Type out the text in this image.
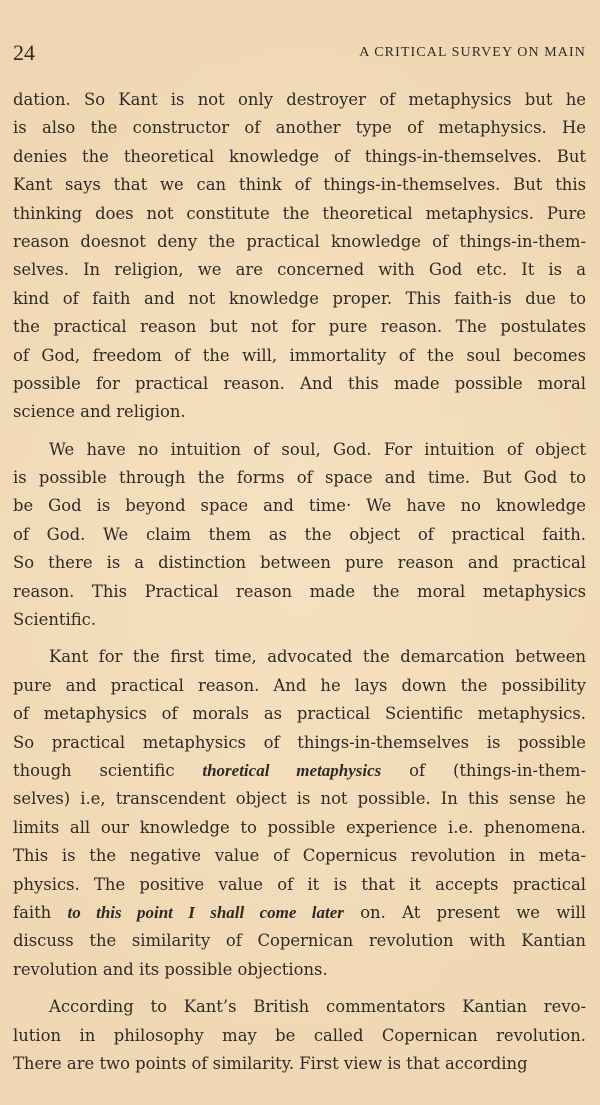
24	A CRITICAL SURVEY ON MAIN
dation. So Kant is not only destroyer of metaphysics but he
is also the constructor of another type of metaphysics. He
denies the theoretical knowledge of things-in-themselves. But
Kant says that we can think of things-in-themselves. But this
thinking does not constitute the theoretical metaphysics. Pure
reason doesnot deny the practical knowledge of things-in-them-
selves. In religion, we are concerned with God etc. It is a
kind of faith and not knowledge proper. This faith-is due to
the practical reason but not for pure reason. The postulates
of God, freedom of the will, immortality of the soul becomes
possible for practical reason. And this made possible moral
science and religion.
We have no intuition of soul, God. For intuition of object
is possible through the forms of space and time. But God to
be God is beyond space and time· We have no knowledge
of God. We claim them as the object of practical faith.
So there is a distinction between pure reason and practical
reason. This Practical reason made the moral metaphysics
Scientific.
Kant for the first time, advocated the demarcation between
pure and practical reason. And he lays down the possibility
of metaphysics of morals as practical Scientific metaphysics.
So practical metaphysics of things-in-themselves is possible
though scientific thoretical metaphysics of (things-in-them-
selves) i.e, transcendent object is not possible. In this sense he
limits all our knowledge to possible experience i.e. phenomena.
This is the negative value of Copernicus revolution in meta-
physics. The positive value of it is that it accepts practical
faith to this point I shall come later on. At present we will
discuss the similarity of Copernican revolution with Kantian
revolution and its possible objections.
According to Kant’s British commentators Kantian revo-
lution in philosophy may be called Copernican revolution.
There are two points of similarity. First view is that according
